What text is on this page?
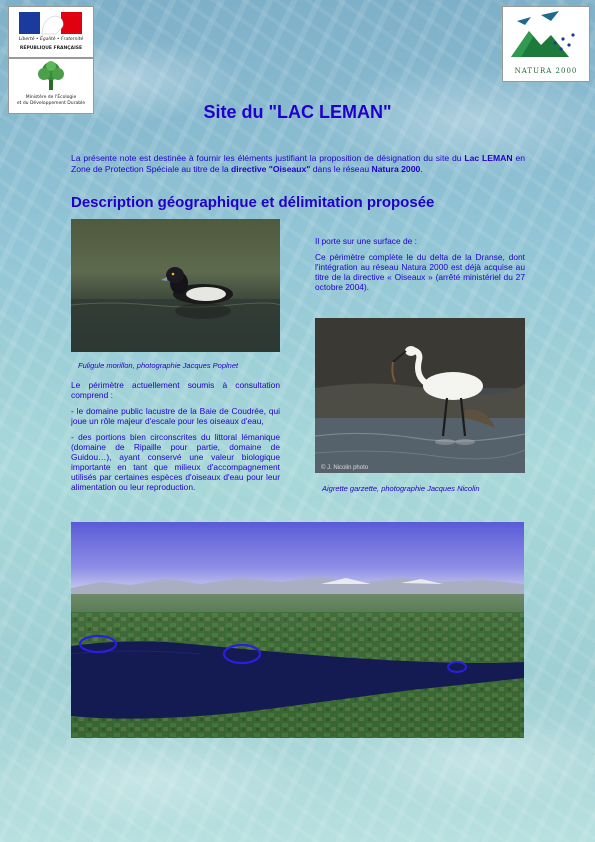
Liberté • Égalité • Fraternité
RÉPUBLIQUE FRANÇAISE
Ministère de l'Écologie
et du Développement Durable
NATURA 2000
Site du "LAC LEMAN"

La présente note est destinée à fournir les éléments justifiant la proposition de désignation du site du Lac LEMAN en Zone de Protection Spéciale au titre de la directive "Oiseaux" dans le réseau Natura 2000.

Description géographique et délimitation proposée

Fuligule morillon, photographie Jacques Poplnet

Le périmètre actuellement soumis à consultation comprend :

- le domaine public lacustre de la Baie de Coudrée, qui joue un rôle majeur d'escale pour les oiseaux d'eau,

- des portions bien circonscrites du littoral lémanique (domaine de Ripaille pour partie, domaine de Guidou…), ayant conservé une valeur biologique importante en tant que milieux d'accompagnement utilisés par certaines espèces d'oiseaux d'eau pour leur alimentation ou leur reproduction.

Il porte sur une surface de :

Ce périmètre complète le du delta de la Dranse, dont l'intégration au réseau Natura 2000 est déjà acquise au titre de la directive « Oiseaux » (arrêté ministériel du 27 octobre 2004).

© J. Nicolin photo

Aigrette garzette, photographie Jacques Nicolin
